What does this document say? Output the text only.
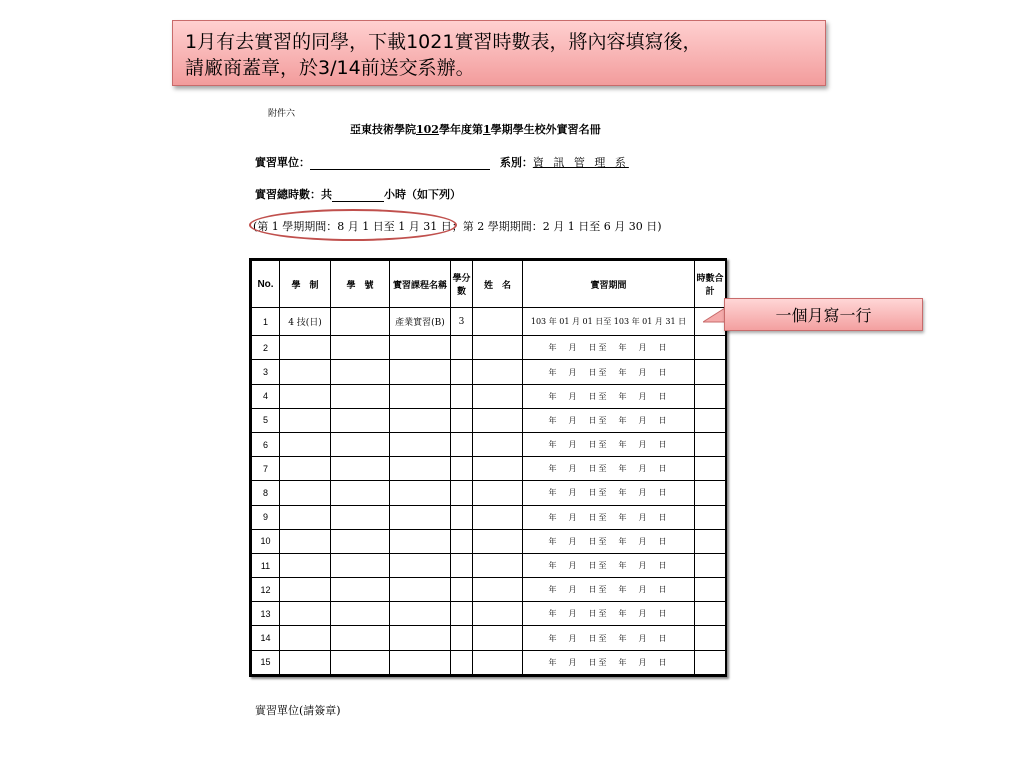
1月有去實習的同學，下載1021實習時數表，將內容填寫後，
請廠商蓋章，於3/14前送交系辦。
附件六
亞東技術學院102學年度第1學期學生校外實習名冊
實習單位：	系別：資 訊 管 理 系
實習總時數：共	小時（如下列）
(第 1 學期期間：8 月 1 日至 1 月 31 日；第 2 學期期間：2 月 1 日至 6 月 30 日)
No.	學　制	學　號	實習課程名稱	學分數	姓　名	實習期間	時數合計
1	4 技(日)		產業實習(B)	3		103 年 01 月 01 日至 103 年 01 月 31 日	
2						年　月　日至　年　月　日	
3						年　月　日至　年　月　日	
4						年　月　日至　年　月　日	
5						年　月　日至　年　月　日	
6						年　月　日至　年　月　日	
7						年　月　日至　年　月　日	
8						年　月　日至　年　月　日	
9						年　月　日至　年　月　日	
10						年　月　日至　年　月　日	
11						年　月　日至　年　月　日	
12						年　月　日至　年　月　日	
13						年　月　日至　年　月　日	
14						年　月　日至　年　月　日	
15						年　月　日至　年　月　日	
一個月寫一行
實習單位(請簽章)
